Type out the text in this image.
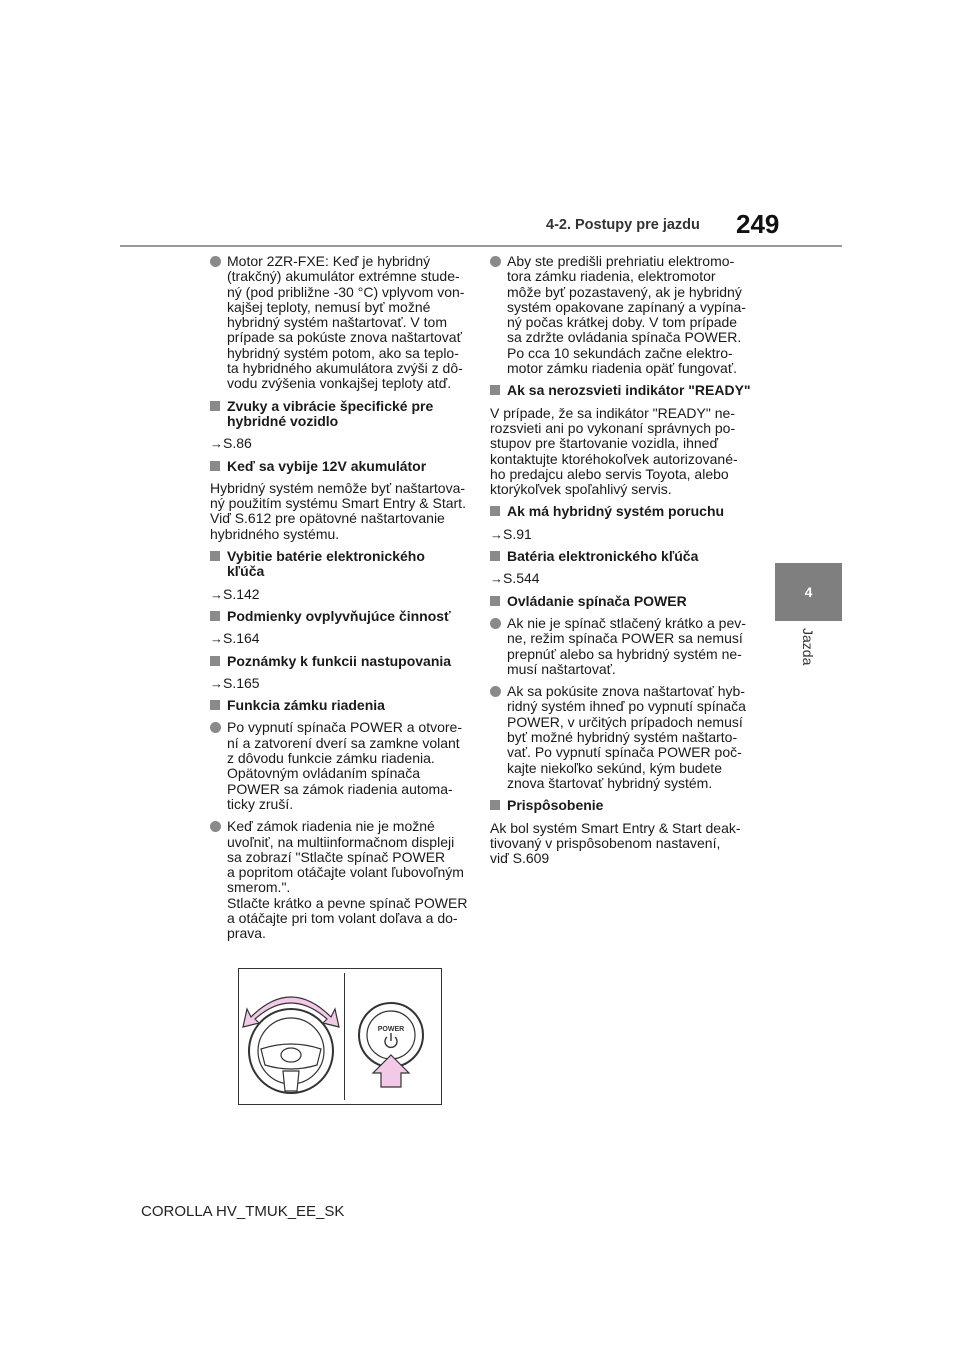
4-2. Postupy pre jazdu 249
4
Jazda
Motor 2ZR-FXE: Keď je hybridný
(trakčný) akumulátor extrémne stude-
ný (pod približne -30 °C) vplyvom von-
kajšej teploty, nemusí byť možné
hybridný systém naštartovať. V tom
prípade sa pokúste znova naštartovať
hybridný systém potom, ako sa teplo-
ta hybridného akumulátora zvýši z dô-
vodu zvýšenia vonkajšej teploty atď.
Zvuky a vibrácie špecifické pre
hybridné vozidlo
→S.86
Keď sa vybije 12V akumulátor
Hybridný systém nemôže byť naštartova-
ný použitím systému Smart Entry & Start.
Viď S.612 pre opätovné naštartovanie
hybridného systému.
Vybitie batérie elektronického
kľúča
→S.142
Podmienky ovplyvňujúce činnosť
→S.164
Poznámky k funkcii nastupovania
→S.165
Funkcia zámku riadenia
Po vypnutí spínača POWER a otvore-
ní a zatvorení dverí sa zamkne volant
z dôvodu funkcie zámku riadenia.
Opätovným ovládaním spínača
POWER sa zámok riadenia automa-
ticky zruší.
Keď zámok riadenia nie je možné
uvoľniť, na multiinformačnom displeji
sa zobrazí "Stlačte spínač POWER
a popritom otáčajte volant ľubovoľným
smerom.".
Stlačte krátko a pevne spínač POWER
a otáčajte pri tom volant doľava a do-
prava.
Aby ste predišli prehriatiu elektromo-
tora zámku riadenia, elektromotor
môže byť pozastavený, ak je hybridný
systém opakovane zapínaný a vypína-
ný počas krátkej doby. V tom prípade
sa zdržte ovládania spínača POWER.
Po cca 10 sekundách začne elektro-
motor zámku riadenia opäť fungovať.
Ak sa nerozsvieti indikátor "READY"
V prípade, že sa indikátor "READY" ne-
rozsvieti ani po vykonaní správnych po-
stupov pre štartovanie vozidla, ihneď
kontaktujte ktoréhokoľvek autorizované-
ho predajcu alebo servis Toyota, alebo
ktorýkoľvek spoľahlivý servis.
Ak má hybridný systém poruchu
→S.91
Batéria elektronického kľúča
→S.544
Ovládanie spínača POWER
Ak nie je spínač stlačený krátko a pev-
ne, režim spínača POWER sa nemusí
prepnúť alebo sa hybridný systém ne-
musí naštartovať.
Ak sa pokúsite znova naštartovať hyb-
ridný systém ihneď po vypnutí spínača
POWER, v určitých prípadoch nemusí
byť možné hybridný systém naštarto-
vať. Po vypnutí spínača POWER poč-
kajte niekoľko sekúnd, kým budete
znova štartovať hybridný systém.
Prispôsobenie
Ak bol systém Smart Entry & Start deak-
tivovaný v prispôsobenom nastavení,
viď S.609
POWER
COROLLA HV_TMUK_EE_SK
